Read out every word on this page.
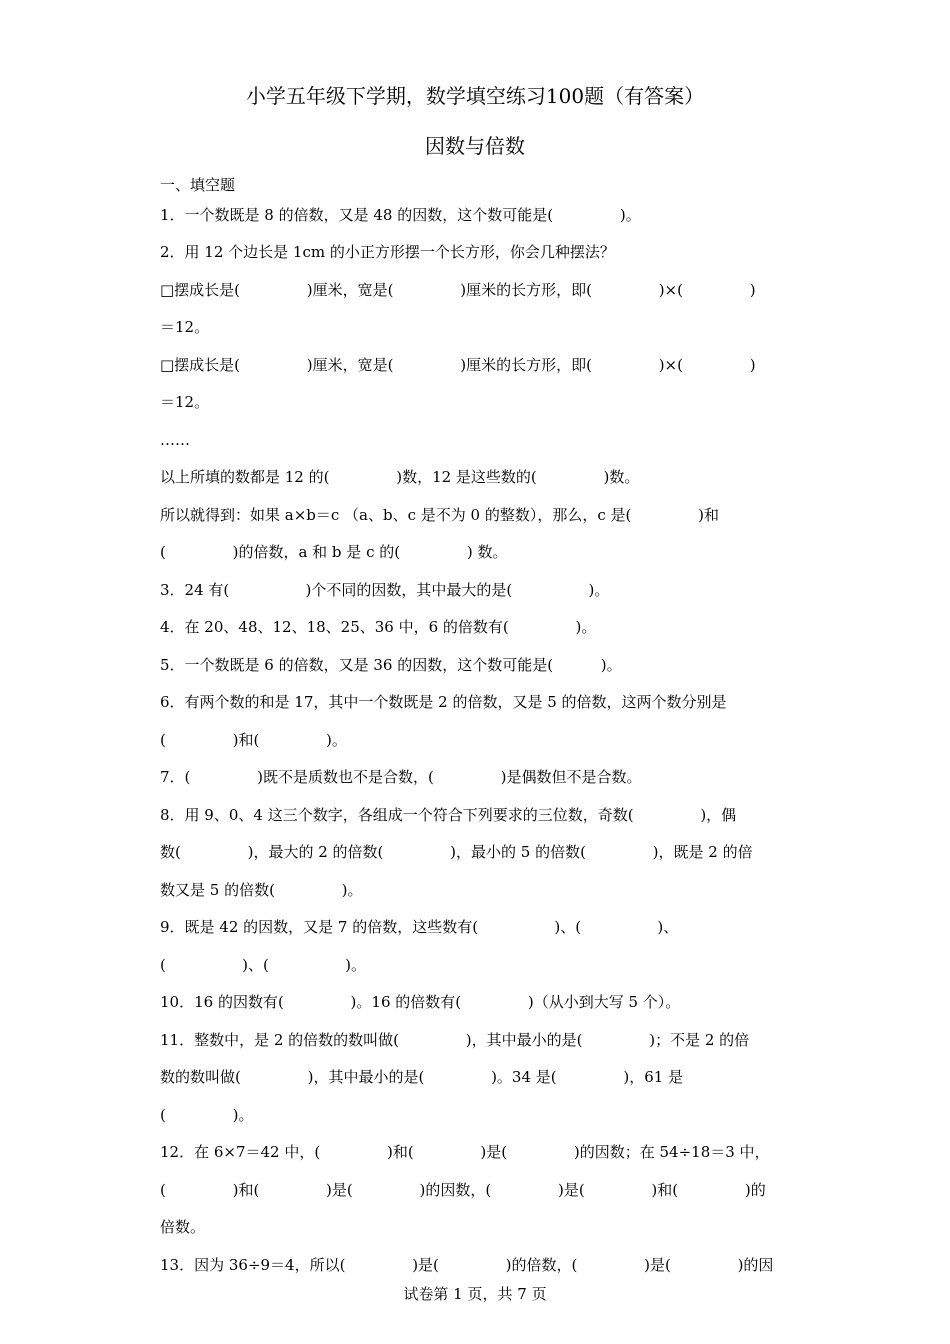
小学五年级下学期，数学填空练习100题（有答案）
因数与倍数
一、填空题
1．一个数既是 8 的倍数，又是 48 的因数，这个数可能是(              )。
2．用 12 个边长是 1cm 的小正方形摆一个长方形，你会几种摆法？
□摆成长是(              )厘米，宽是(              )厘米的长方形，即(              )×(              )
＝12。
□摆成长是(              )厘米，宽是(              )厘米的长方形，即(              )×(              )
＝12。
……
以上所填的数都是 12 的(              )数，12 是这些数的(              )数。
所以就得到：如果 a×b＝c （a、b、c 是不为 0 的整数），那么，c 是(              )和
(              )的倍数，a 和 b 是 c 的(              ) 数。
3．24 有(                )个不同的因数，其中最大的是(                )。
4．在 20、48、12、18、25、36 中，6 的倍数有(              )。
5．一个数既是 6 的倍数，又是 36 的因数，这个数可能是(          )。
6．有两个数的和是 17，其中一个数既是 2 的倍数，又是 5 的倍数，这两个数分别是
(              )和(              )。
7．(              )既不是质数也不是合数，(              )是偶数但不是合数。
8．用 9、0、4 这三个数字，各组成一个符合下列要求的三位数，奇数(              )，偶
数(              )，最大的 2 的倍数(              )，最小的 5 的倍数(              )，既是 2 的倍
数又是 5 的倍数(              )。
9．既是 42 的因数，又是 7 的倍数，这些数有(                )、(                )、
(                )、(                )。
10．16 的因数有(              )。16 的倍数有(              )（从小到大写 5 个）。
11．整数中，是 2 的倍数的数叫做(              )，其中最小的是(              )；不是 2 的倍
数的数叫做(              )，其中最小的是(              )。34 是(              )，61 是
(              )。
12．在 6×7＝42 中，(              )和(              )是(              )的因数；在 54÷18＝3 中，
(              )和(              )是(              )的因数，(              )是(              )和(              )的
倍数。
13．因为 36÷9＝4，所以(              )是(              )的倍数，(              )是(              )的因
试卷第 1 页，共 7 页
